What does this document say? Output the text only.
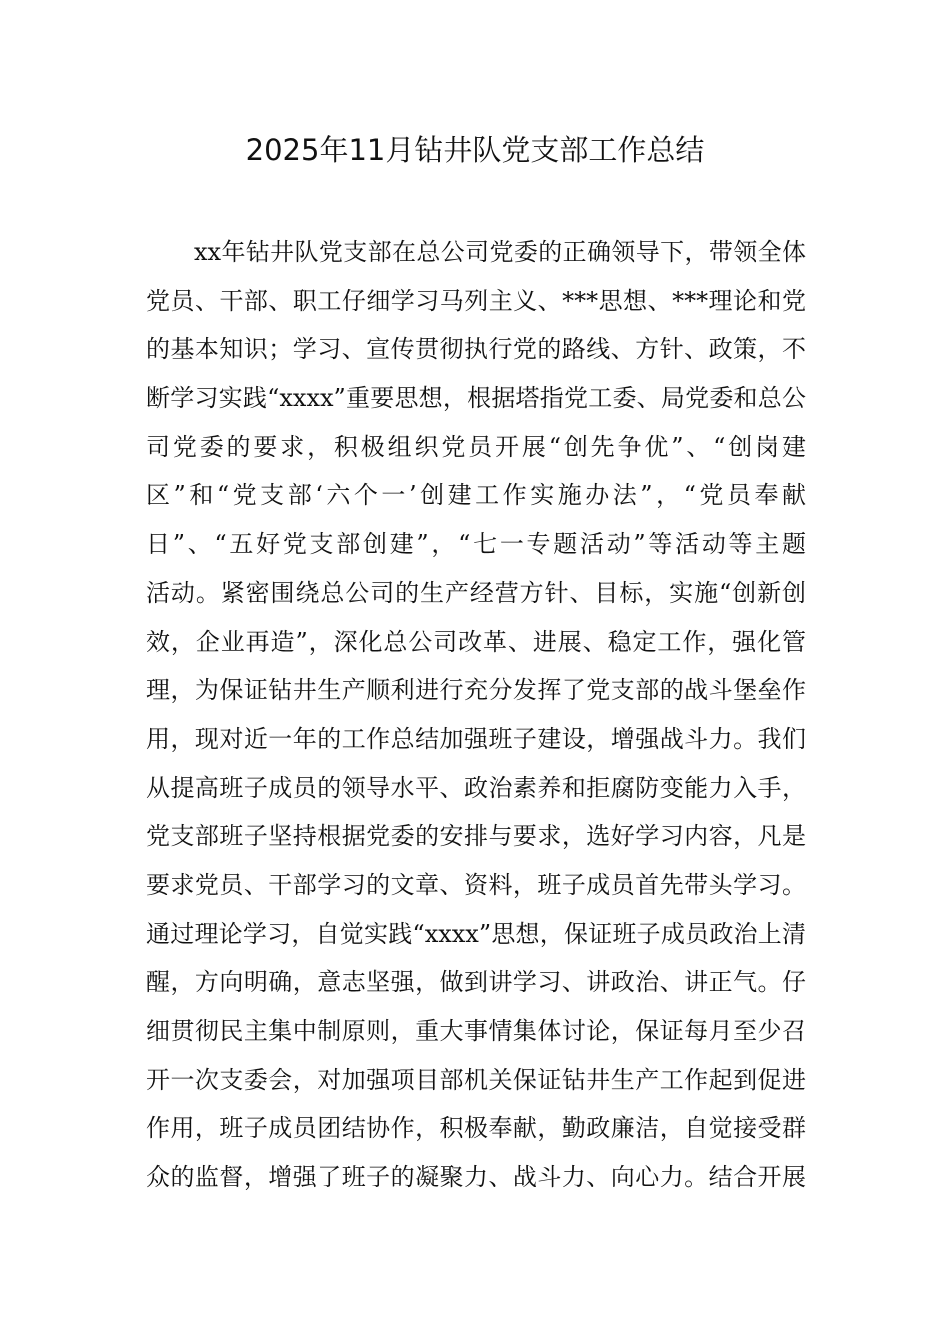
2025年11月钻井队党支部工作总结
xx年钻井队党支部在总公司党委的正确领导下，带领全体
党员、干部、职工仔细学习马列主义、***思想、***理论和党
的基本知识；学习、宣传贯彻执行党的路线、方针、政策，不
断学习实践“xxxx”重要思想，根据塔指党工委、局党委和总公
司党委的要求，积极组织党员开展“创先争优”、“创岗建
区”和“党支部‘六个一’创建工作实施办法”，“党员奉献
日”、“五好党支部创建”，“七一专题活动”等活动等主题
活动。紧密围绕总公司的生产经营方针、目标，实施“创新创
效，企业再造”，深化总公司改革、进展、稳定工作，强化管
理，为保证钻井生产顺利进行充分发挥了党支部的战斗堡垒作
用，现对近一年的工作总结加强班子建设，增强战斗力。我们
从提高班子成员的领导水平、政治素养和拒腐防变能力入手，
党支部班子坚持根据党委的安排与要求，选好学习内容，凡是
要求党员、干部学习的文章、资料，班子成员首先带头学习。
通过理论学习，自觉实践“xxxx”思想，保证班子成员政治上清
醒，方向明确，意志坚强，做到讲学习、讲政治、讲正气。仔
细贯彻民主集中制原则，重大事情集体讨论，保证每月至少召
开一次支委会，对加强项目部机关保证钻井生产工作起到促进
作用，班子成员团结协作，积极奉献，勤政廉洁，自觉接受群
众的监督，增强了班子的凝聚力、战斗力、向心力。结合开展
